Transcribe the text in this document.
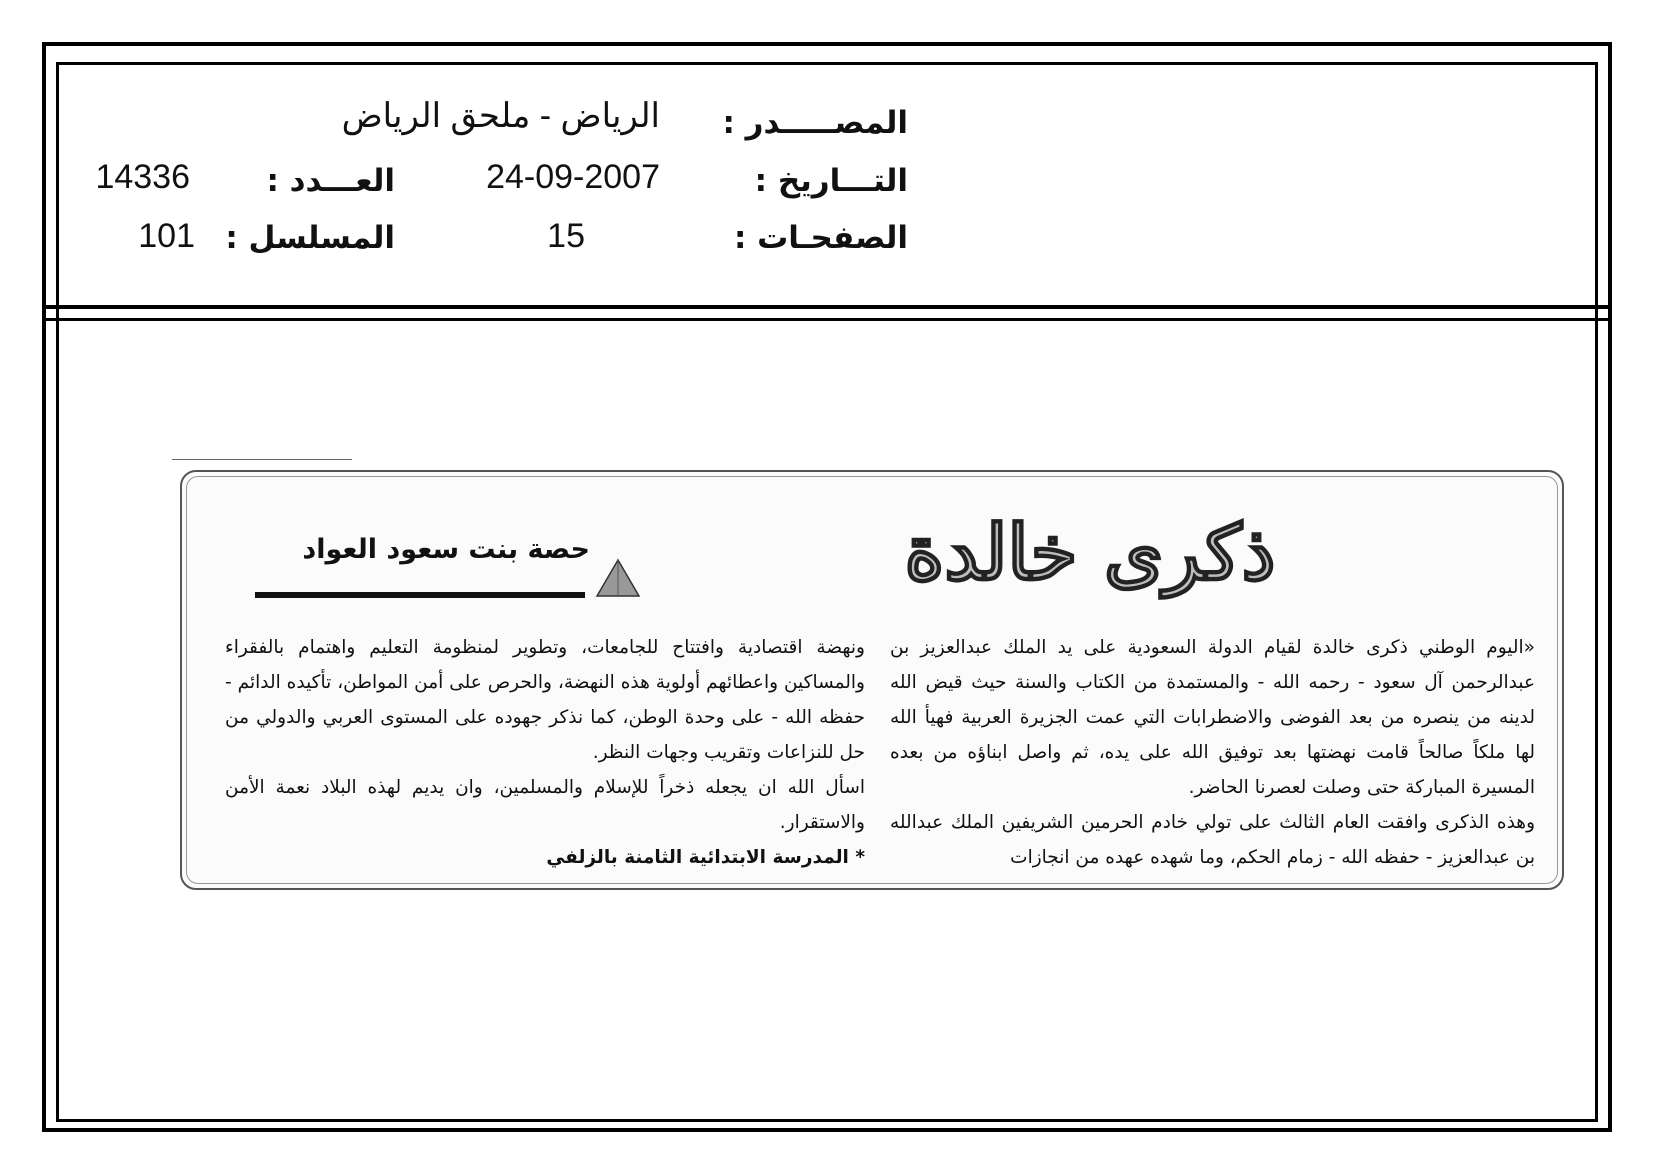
المصـــــدر :
الرياض - ملحق الرياض
التـــاريخ :
24-09-2007
العـــدد :
14336
الصفحـات :
15
المسلسل :
101
ذكرى خالدة
حصة بنت سعود العواد

«اليوم الوطني ذكرى خالدة لقيام الدولة السعودية على يد الملك عبدالعزيز بن عبدالرحمن آل سعود - رحمه الله - والمستمدة من الكتاب والسنة حيث قيض الله لدينه من ينصره من بعد الفوضى والاضطرابات التي عمت الجزيرة العربية فهيأ الله لها ملكاً صالحاً قامت نهضتها بعد توفيق الله على يده، ثم واصل ابناؤه من بعده المسيرة المباركة حتى وصلت لعصرنا الحاضر.

وهذه الذكرى وافقت العام الثالث على تولي خادم الحرمين الشريفين الملك عبدالله بن عبدالعزيز - حفظه الله - زمام الحكم، وما شهده عهده من انجازات

ونهضة اقتصادية وافتتاح للجامعات، وتطوير لمنظومة التعليم واهتمام بالفقراء والمساكين واعطائهم أولوية هذه النهضة، والحرص على أمن المواطن، تأكيده الدائم - حفظه الله - على وحدة الوطن، كما نذكر جهوده على المستوى العربي والدولي من حل للنزاعات وتقريب وجهات النظر.

اسأل الله ان يجعله ذخراً للإسلام والمسلمين، وان يديم لهذه البلاد نعمة الأمن والاستقرار.

* المدرسة الابتدائية الثامنة بالزلفي
